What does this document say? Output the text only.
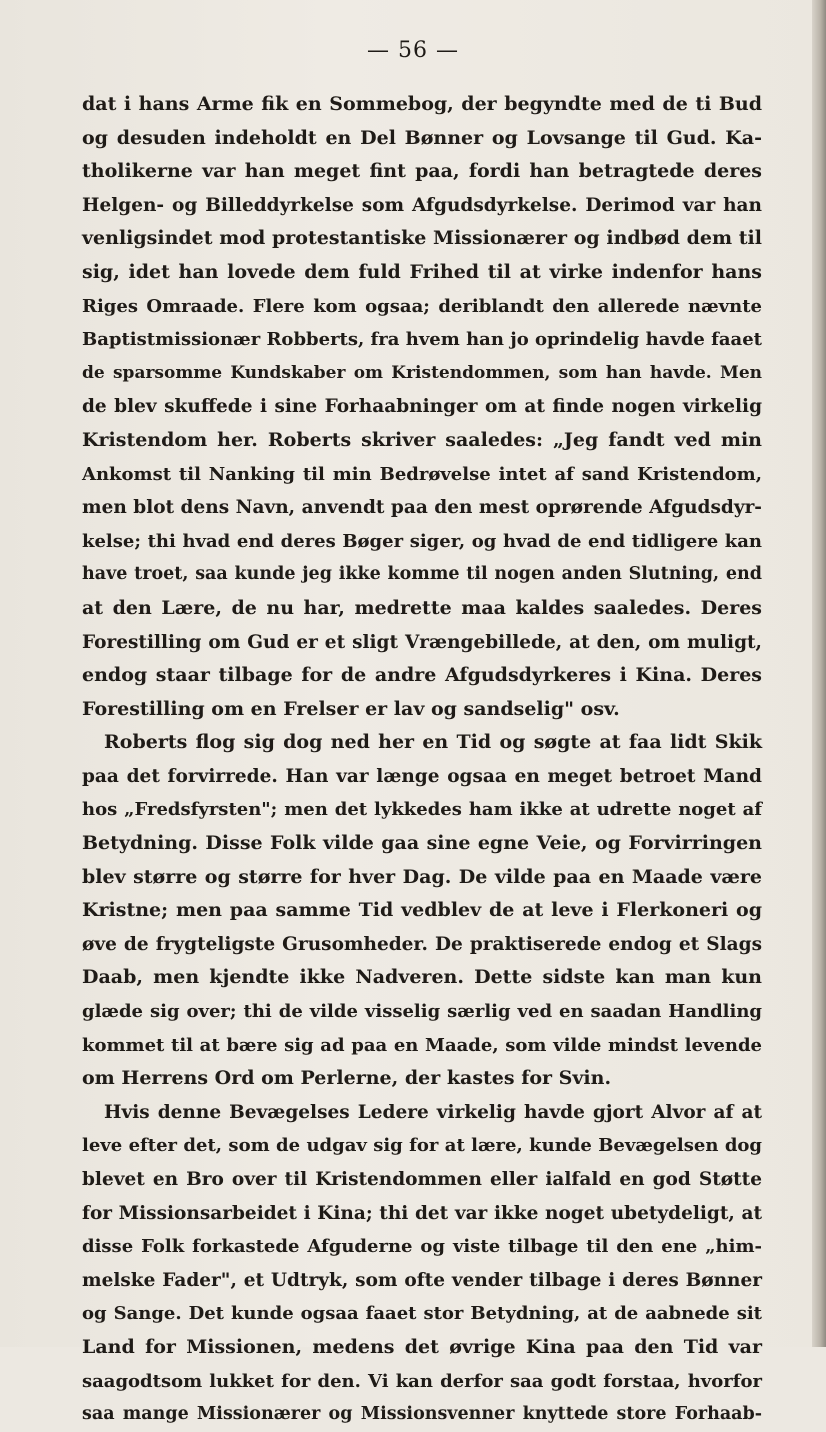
— 56 —
dat i hans Arme fik en Sommebog, der begyndte med de ti Bud
og desuden indeholdt en Del Bønner og Lovsange til Gud. Ka-
tholikerne var han meget fint paa, fordi han betragtede deres
Helgen- og Billeddyrkelse som Afgudsdyrkelse. Derimod var han
venligsindet mod protestantiske Missionærer og indbød dem til
sig, idet han lovede dem fuld Frihed til at virke indenfor hans
Riges Omraade. Flere kom ogsaa; deriblandt den allerede nævnte
Baptistmissionær Robberts, fra hvem han jo oprindelig havde faaet
de sparsomme Kundskaber om Kristendommen, som han havde. Men
de blev skuffede i sine Forhaabninger om at finde nogen virkelig
Kristendom her. Roberts skriver saaledes: „Jeg fandt ved min
Ankomst til Nanking til min Bedrøvelse intet af sand Kristendom,
men blot dens Navn, anvendt paa den mest oprørende Afgudsdyr-
kelse; thi hvad end deres Bøger siger, og hvad de end tidligere kan
have troet, saa kunde jeg ikke komme til nogen anden Slutning, end
at den Lære, de nu har, medrette maa kaldes saaledes. Deres
Forestilling om Gud er et sligt Vrængebillede, at den, om muligt,
endog staar tilbage for de andre Afgudsdyrkeres i Kina. Deres
Forestilling om en Frelser er lav og sandselig" osv.
Roberts flog sig dog ned her en Tid og søgte at faa lidt Skik
paa det forvirrede. Han var længe ogsaa en meget betroet Mand
hos „Fredsfyrsten"; men det lykkedes ham ikke at udrette noget af
Betydning. Disse Folk vilde gaa sine egne Veie, og Forvirringen
blev større og større for hver Dag. De vilde paa en Maade være
Kristne; men paa samme Tid vedblev de at leve i Flerkoneri og
øve de frygteligste Grusomheder. De praktiserede endog et Slags
Daab, men kjendte ikke Nadveren. Dette sidste kan man kun
glæde sig over; thi de vilde visselig særlig ved en saadan Handling
kommet til at bære sig ad paa en Maade, som vilde mindst levende
om Herrens Ord om Perlerne, der kastes for Svin.
Hvis denne Bevægelses Ledere virkelig havde gjort Alvor af at
leve efter det, som de udgav sig for at lære, kunde Bevægelsen dog
blevet en Bro over til Kristendommen eller ialfald en god Støtte
for Missionsarbeidet i Kina; thi det var ikke noget ubetydeligt, at
disse Folk forkastede Afguderne og viste tilbage til den ene „him-
melske Fader", et Udtryk, som ofte vender tilbage i deres Bønner
og Sange. Det kunde ogsaa faaet stor Betydning, at de aabnede sit
Land for Missionen, medens det øvrige Kina paa den Tid var
saagodtsom lukket for den. Vi kan derfor saa godt forstaa, hvorfor
saa mange Missionærer og Missionsvenner knyttede store Forhaab-
